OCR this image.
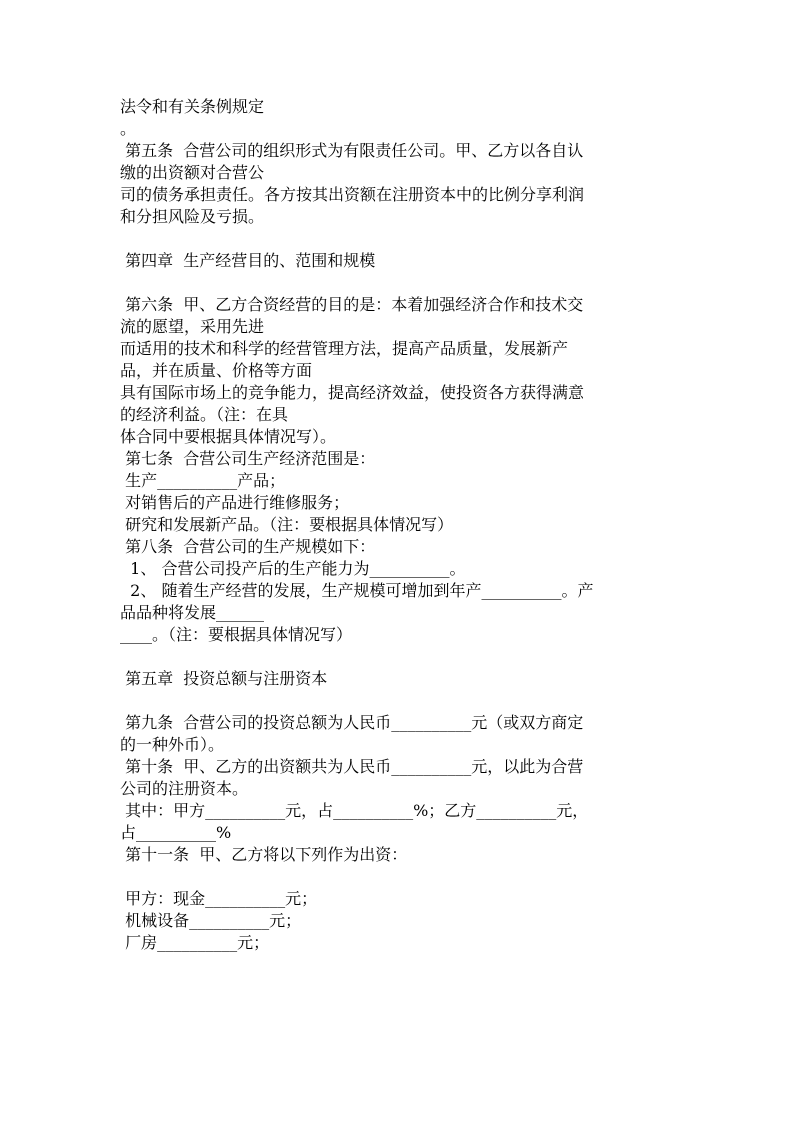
法令和有关条例规定
。
第五条  合营公司的组织形式为有限责任公司。甲、乙方以各自认
缴的出资额对合营公
司的债务承担责任。各方按其出资额在注册资本中的比例分享利润
和分担风险及亏损。
第四章  生产经营目的、范围和规模
第六条  甲、乙方合资经营的目的是：本着加强经济合作和技术交
流的愿望，采用先进
而适用的技术和科学的经营管理方法，提高产品质量，发展新产
品，并在质量、价格等方面
具有国际市场上的竞争能力，提高经济效益，使投资各方获得满意
的经济利益。（注：在具
体合同中要根据具体情况写）。
第七条  合营公司生产经济范围是：
生产__________产品；
对销售后的产品进行维修服务；
研究和发展新产品。（注：要根据具体情况写）
第八条  合营公司的生产规模如下：
1、 合营公司投产后的生产能力为__________。
2、 随着生产经营的发展，生产规模可增加到年产__________。产
品品种将发展______
____。（注：要根据具体情况写）
第五章  投资总额与注册资本
第九条  合营公司的投资总额为人民币__________元（或双方商定
的一种外币）。
第十条  甲、乙方的出资额共为人民币__________元，以此为合营
公司的注册资本。
其中：甲方__________元，占__________%；乙方__________元，
占__________%
第十一条  甲、乙方将以下列作为出资：
甲方：现金__________元；
机械设备__________元；
厂房__________元；
